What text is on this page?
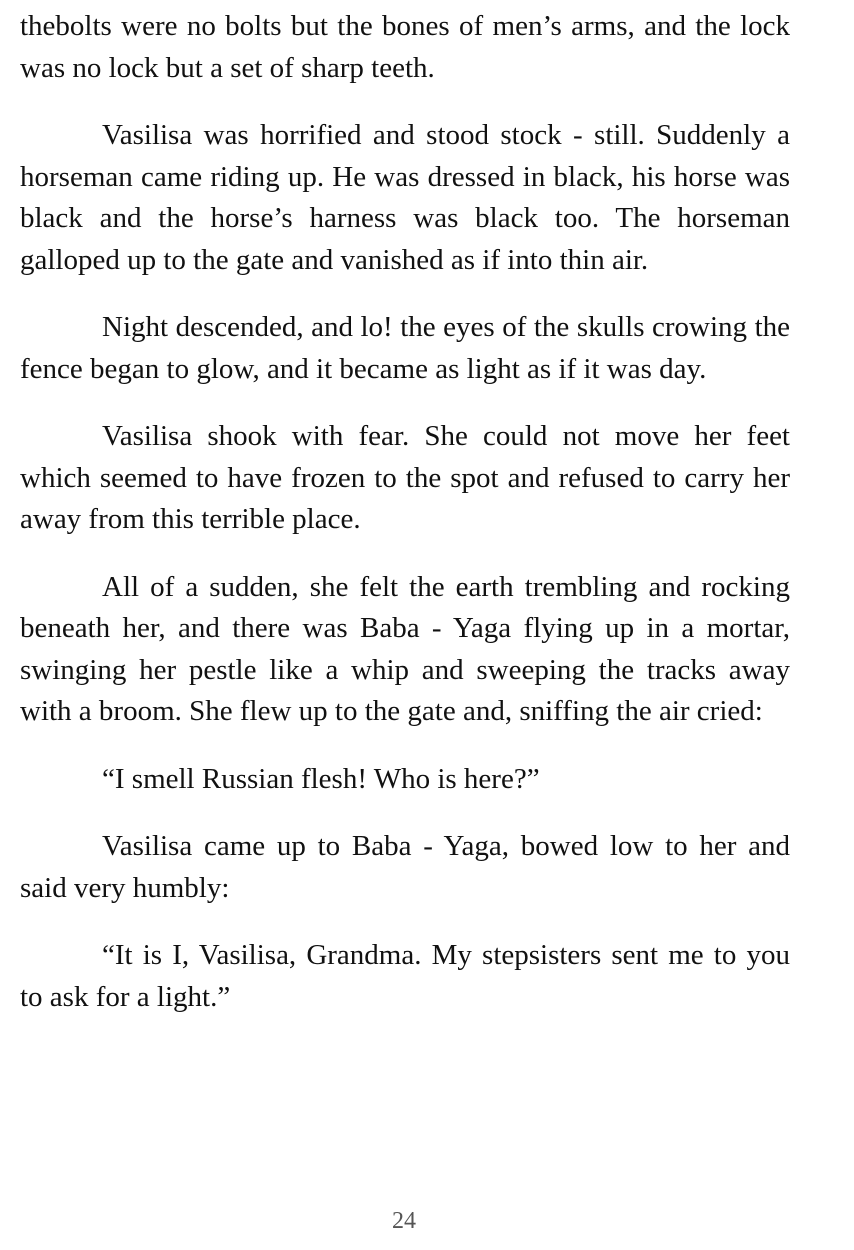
thebolts were no bolts but the bones of men’s arms, and the lock was no lock but a set of sharp teeth.

Vasilisa was horrified and stood stock - still. Suddenly a horseman came riding up. He was dressed in black, his horse was black and the horse’s harness was black too. The horseman galloped up to the gate and vanished as if into thin air.

Night descended, and lo! the eyes of the skulls crowing the fence began to glow, and it became as light as if it was day.

Vasilisa shook with fear. She could not move her feet which seemed to have frozen to the spot and refused to carry her away from this terrible place.

All of a sudden, she felt the earth trembling and rocking beneath her, and there was Baba - Yaga flying up in a mortar, swinging her pestle like a whip and sweeping the tracks away with a broom. She flew up to the gate and, sniffing the air cried:

“I smell Russian flesh! Who is here?”

Vasilisa came up to Baba - Yaga, bowed low to her and said very humbly:

“It is I, Vasilisa, Grandma. My stepsisters sent me to you to ask for a light.”

24
